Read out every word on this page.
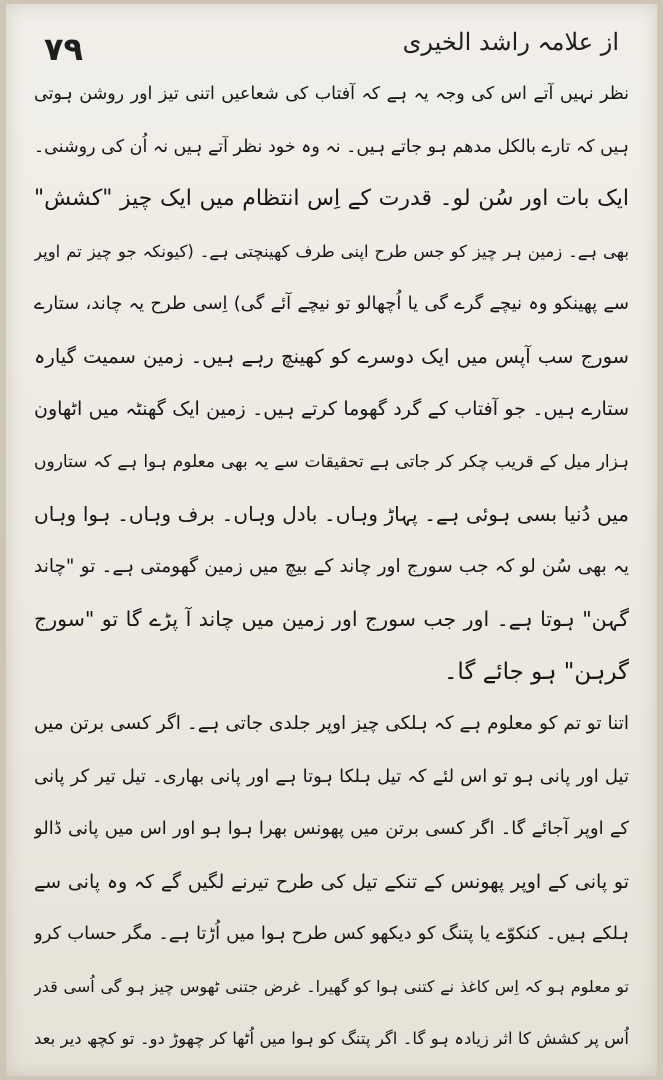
۷۹	از علامہ راشد الخیری
نظر نہیں آتے اس کی وجہ یہ ہے کہ آفتاب کی شعاعیں اتنی تیز اور روشن ہوتی
ہیں کہ تارے بالکل مدھم ہو جاتے ہیں۔ نہ وہ خود نظر آتے ہیں نہ اُن کی روشنی۔
ایک بات اور سُن لو۔ قدرت کے اِس انتظام میں ایک چیز "کشش"
بھی ہے۔ زمین ہر چیز کو جس طرح اپنی طرف کھینچتی ہے۔ (کیونکہ جو چیز تم اوپر
سے پھینکو وہ نیچے گرے گی یا اُچھالو تو نیچے آئے گی) اِسی طرح یہ چاند، ستارے
سورج سب آپس میں ایک دوسرے کو کھینچ رہے ہیں۔ زمین سمیت گیارہ
ستارے ہیں۔ جو آفتاب کے گرد گھوما کرتے ہیں۔ زمین ایک گھنٹہ میں اٹھاون
ہزار میل کے قریب چکر کر جاتی ہے تحقیقات سے یہ بھی معلوم ہوا ہے کہ ستاروں
میں دُنیا بسی ہوئی ہے۔ پہاڑ وہاں۔ بادل وہاں۔ برف وہاں۔ ہوا وہاں
یہ بھی سُن لو کہ جب سورج اور چاند کے بیچ میں زمین گھومتی ہے۔ تو "چاند
گہن" ہوتا ہے۔ اور جب سورج اور زمین میں چاند آ پڑے گا تو "سورج
گرہن" ہو جائے گا۔
اتنا تو تم کو معلوم ہے کہ ہلکی چیز اوپر جلدی جاتی ہے۔ اگر کسی برتن میں
تیل اور پانی ہو تو اس لئے کہ تیل ہلکا ہوتا ہے اور پانی بھاری۔ تیل تیر کر پانی
کے اوپر آجائے گا۔ اگر کسی برتن میں پھونس بھرا ہوا ہو اور اس میں پانی ڈالو
تو پانی کے اوپر پھونس کے تنکے تیل کی طرح تیرنے لگیں گے کہ وہ پانی سے
ہلکے ہیں۔ کنکوّے یا پتنگ کو دیکھو کس طرح ہوا میں اُڑتا ہے۔ مگر حساب کرو
تو معلوم ہو کہ اِس کاغذ نے کتنی ہوا کو گھیرا۔ غرض جتنی ٹھوس چیز ہو گی اُسی قدر
اُس پر کشش کا اثر زیادہ ہو گا۔ اگر پتنگ کو ہوا میں اُٹھا کر چھوڑ دو۔ تو کچھ دیر بعد
